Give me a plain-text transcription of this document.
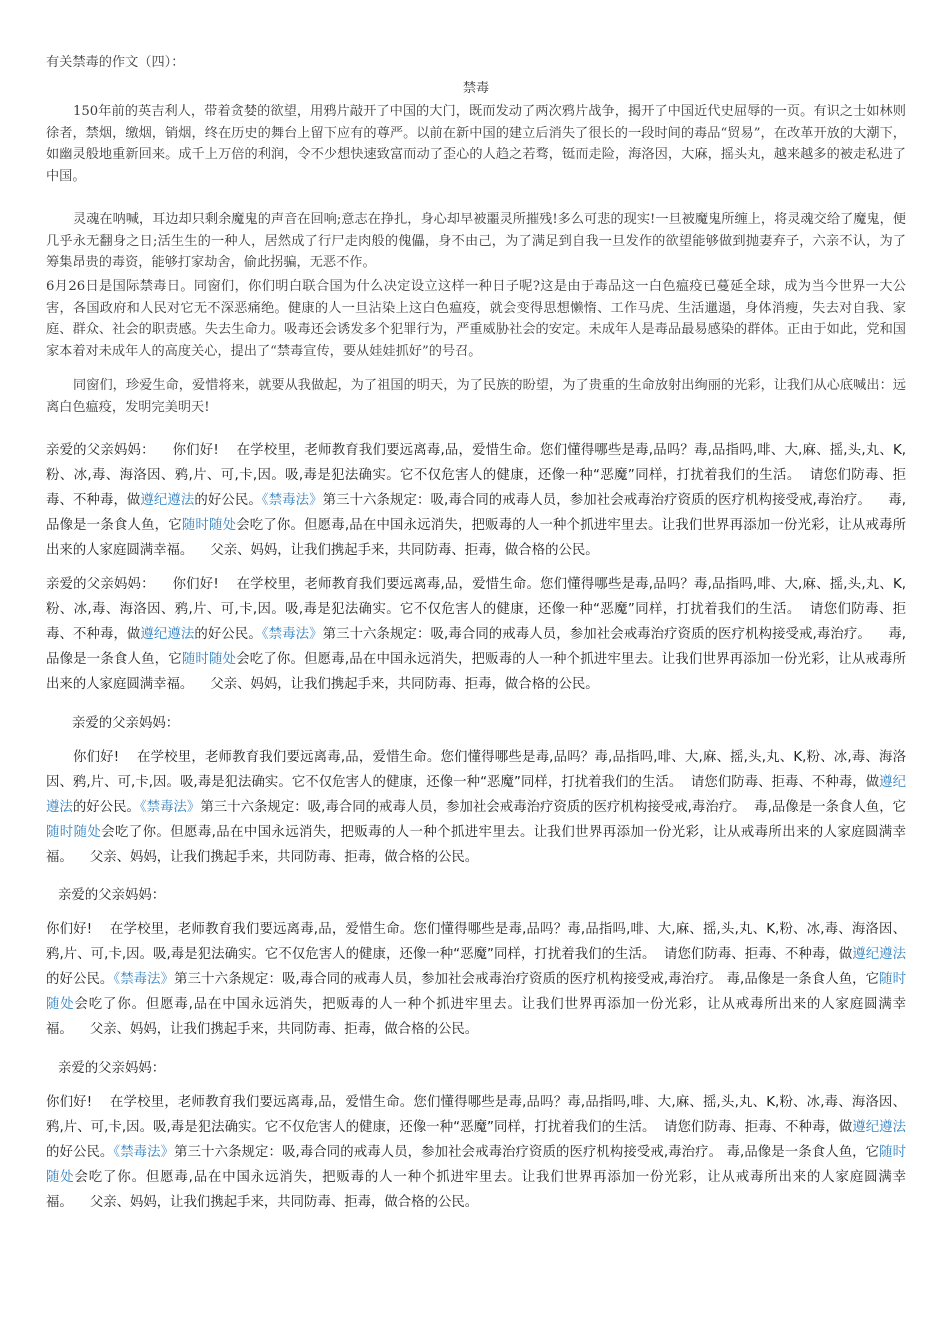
有关禁毒的作文（四）：

禁毒

150年前的英吉利人，带着贪婪的欲望，用鸦片敲开了中国的大门，既而发动了两次鸦片战争，揭开了中国近代史屈辱的一页。有识之士如林则徐者，禁烟，缴烟，销烟，终在历史的舞台上留下应有的尊严。以前在新中国的建立后消失了很长的一段时间的毒品“贸易”，在改革开放的大潮下，如幽灵般地重新回来。成千上万倍的利润，令不少想快速致富而动了歪心的人趋之若骛，铤而走险，海洛因，大麻，摇头丸，越来越多的被走私进了中国。

灵魂在呐喊，耳边却只剩余魔鬼的声音在回响;意志在挣扎，身心却早被噩灵所摧残!多么可悲的现实!一旦被魔鬼所缠上，将灵魂交给了魔鬼，便几乎永无翻身之日;活生生的一种人，居然成了行尸走肉般的傀儡，身不由己，为了满足到自我一旦发作的欲望能够做到抛妻弃子，六亲不认，为了筹集昂贵的毒资，能够打家劫舍，偷此拐骗，无恶不作。

6月26日是国际禁毒日。同窗们，你们明白联合国为什么决定设立这样一种日子呢?这是由于毒品这一白色瘟疫已蔓延全球，成为当今世界一大公害，各国政府和人民对它无不深恶痛绝。健康的人一旦沾染上这白色瘟疫，就会变得思想懒惰、工作马虎、生活邋遢，身体消瘦，失去对自我、家庭、群众、社会的职责感。失去生命力。吸毒还会诱发多个犯罪行为，严重威胁社会的安定。未成年人是毒品最易感染的群体。正由于如此，党和国家本着对未成年人的高度关心，提出了“禁毒宣传，要从娃娃抓好”的号召。

同窗们，珍爱生命，爱惜将来，就要从我做起，为了祖国的明天，为了民族的盼望，为了贵重的生命放射出绚丽的光彩，让我们从心底喊出：远离白色瘟疫，发明完美明天!

亲爱的父亲妈妈： 你们好! 在学校里，老师教育我们要远离毒,品，爱惜生命。您们懂得哪些是毒,品吗？毒,品指吗,啡、大,麻、摇,头,丸、K,粉、冰,毒、海洛因、鸦,片、可,卡,因。吸,毒是犯法确实。它不仅危害人的健康，还像一种“恶魔”同样，打扰着我们的生活。 请您们防毒、拒毒、不种毒，做遵纪遵法的好公民。《禁毒法》第三十六条规定：吸,毒合同的戒毒人员，参加社会戒毒治疗资质的医疗机构接受戒,毒治疗。 毒,品像是一条食人鱼，它随时随处会吃了你。但愿毒,品在中国永远消失，把贩毒的人一种个抓进牢里去。让我们世界再添加一份光彩，让从戒毒所出来的人家庭圆满幸福。 父亲、妈妈，让我们携起手来，共同防毒、拒毒，做合格的公民。

亲爱的父亲妈妈： 你们好! 在学校里，老师教育我们要远离毒,品，爱惜生命。您们懂得哪些是毒,品吗？毒,品指吗,啡、大,麻、摇,头,丸、K,粉、冰,毒、海洛因、鸦,片、可,卡,因。吸,毒是犯法确实。它不仅危害人的健康，还像一种“恶魔”同样，打扰着我们的生活。 请您们防毒、拒毒、不种毒，做遵纪遵法的好公民。《禁毒法》第三十六条规定：吸,毒合同的戒毒人员，参加社会戒毒治疗资质的医疗机构接受戒,毒治疗。 毒,品像是一条食人鱼，它随时随处会吃了你。但愿毒,品在中国永远消失，把贩毒的人一种个抓进牢里去。让我们世界再添加一份光彩，让从戒毒所出来的人家庭圆满幸福。 父亲、妈妈，让我们携起手来，共同防毒、拒毒，做合格的公民。

亲爱的父亲妈妈：

你们好! 在学校里，老师教育我们要远离毒,品，爱惜生命。您们懂得哪些是毒,品吗？毒,品指吗,啡、大,麻、摇,头,丸、K,粉、冰,毒、海洛因、鸦,片、可,卡,因。吸,毒是犯法确实。它不仅危害人的健康，还像一种“恶魔”同样，打扰着我们的生活。 请您们防毒、拒毒、不种毒，做遵纪遵法的好公民。《禁毒法》第三十六条规定：吸,毒合同的戒毒人员，参加社会戒毒治疗资质的医疗机构接受戒,毒治疗。 毒,品像是一条食人鱼，它随时随处会吃了你。但愿毒,品在中国永远消失，把贩毒的人一种个抓进牢里去。让我们世界再添加一份光彩，让从戒毒所出来的人家庭圆满幸福。 父亲、妈妈，让我们携起手来，共同防毒、拒毒，做合格的公民。

亲爱的父亲妈妈：

你们好! 在学校里，老师教育我们要远离毒,品，爱惜生命。您们懂得哪些是毒,品吗？毒,品指吗,啡、大,麻、摇,头,丸、K,粉、冰,毒、海洛因、鸦,片、可,卡,因。吸,毒是犯法确实。它不仅危害人的健康，还像一种“恶魔”同样，打扰着我们的生活。 请您们防毒、拒毒、不种毒，做遵纪遵法的好公民。《禁毒法》第三十六条规定：吸,毒合同的戒毒人员，参加社会戒毒治疗资质的医疗机构接受戒,毒治疗。 毒,品像是一条食人鱼，它随时随处会吃了你。但愿毒,品在中国永远消失，把贩毒的人一种个抓进牢里去。让我们世界再添加一份光彩，让从戒毒所出来的人家庭圆满幸福。 父亲、妈妈，让我们携起手来，共同防毒、拒毒，做合格的公民。

亲爱的父亲妈妈：

你们好! 在学校里，老师教育我们要远离毒,品，爱惜生命。您们懂得哪些是毒,品吗？毒,品指吗,啡、大,麻、摇,头,丸、K,粉、冰,毒、海洛因、鸦,片、可,卡,因。吸,毒是犯法确实。它不仅危害人的健康，还像一种“恶魔”同样，打扰着我们的生活。 请您们防毒、拒毒、不种毒，做遵纪遵法的好公民。《禁毒法》第三十六条规定：吸,毒合同的戒毒人员，参加社会戒毒治疗资质的医疗机构接受戒,毒治疗。 毒,品像是一条食人鱼，它随时随处会吃了你。但愿毒,品在中国永远消失，把贩毒的人一种个抓进牢里去。让我们世界再添加一份光彩，让从戒毒所出来的人家庭圆满幸福。 父亲、妈妈，让我们携起手来，共同防毒、拒毒，做合格的公民。
